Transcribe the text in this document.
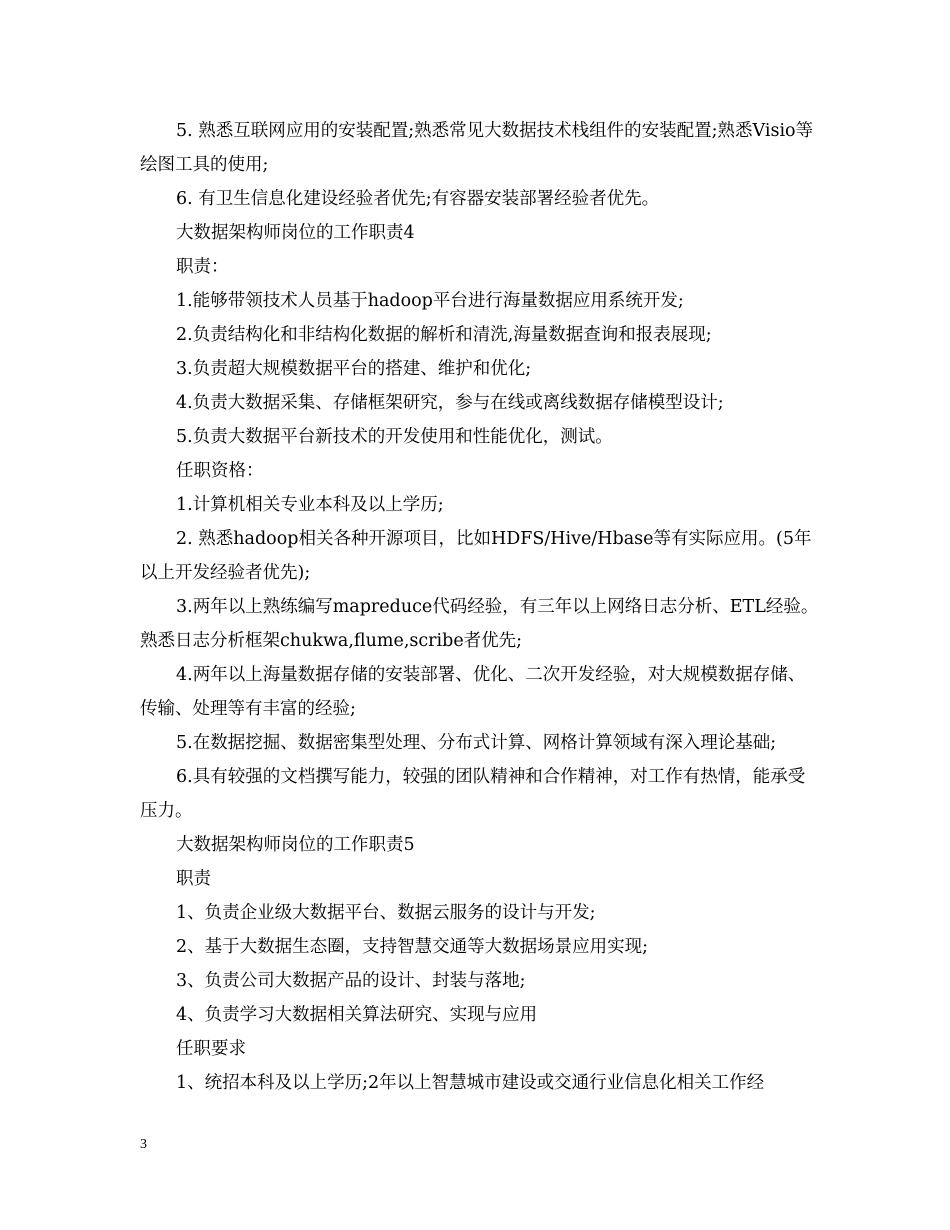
5. 熟悉互联网应用的安装配置;熟悉常见大数据技术栈组件的安装配置;熟悉Visio等绘图工具的使用;

6. 有卫生信息化建设经验者优先;有容器安装部署经验者优先。

大数据架构师岗位的工作职责4

职责：

1.能够带领技术人员基于hadoop平台进行海量数据应用系统开发;

2.负责结构化和非结构化数据的解析和清洗,海量数据查询和报表展现;

3.负责超大规模数据平台的搭建、维护和优化;

4.负责大数据采集、存储框架研究，参与在线或离线数据存储模型设计;

5.负责大数据平台新技术的开发使用和性能优化，测试。

任职资格：

1.计算机相关专业本科及以上学历;

2. 熟悉hadoop相关各种开源项目，比如HDFS/Hive/Hbase等有实际应用。(5年以上开发经验者优先);

3.两年以上熟练编写mapreduce代码经验，有三年以上网络日志分析、ETL经验。熟悉日志分析框架chukwa,flume,scribe者优先;

4.两年以上海量数据存储的安装部署、优化、二次开发经验，对大规模数据存储、传输、处理等有丰富的经验;

5.在数据挖掘、数据密集型处理、分布式计算、网格计算领域有深入理论基础;

6.具有较强的文档撰写能力，较强的团队精神和合作精神，对工作有热情，能承受压力。

大数据架构师岗位的工作职责5

职责

1、负责企业级大数据平台、数据云服务的设计与开发;

2、基于大数据生态圈，支持智慧交通等大数据场景应用实现;

3、负责公司大数据产品的设计、封装与落地;

4、负责学习大数据相关算法研究、实现与应用

任职要求

1、统招本科及以上学历;2年以上智慧城市建设或交通行业信息化相关工作经

3
